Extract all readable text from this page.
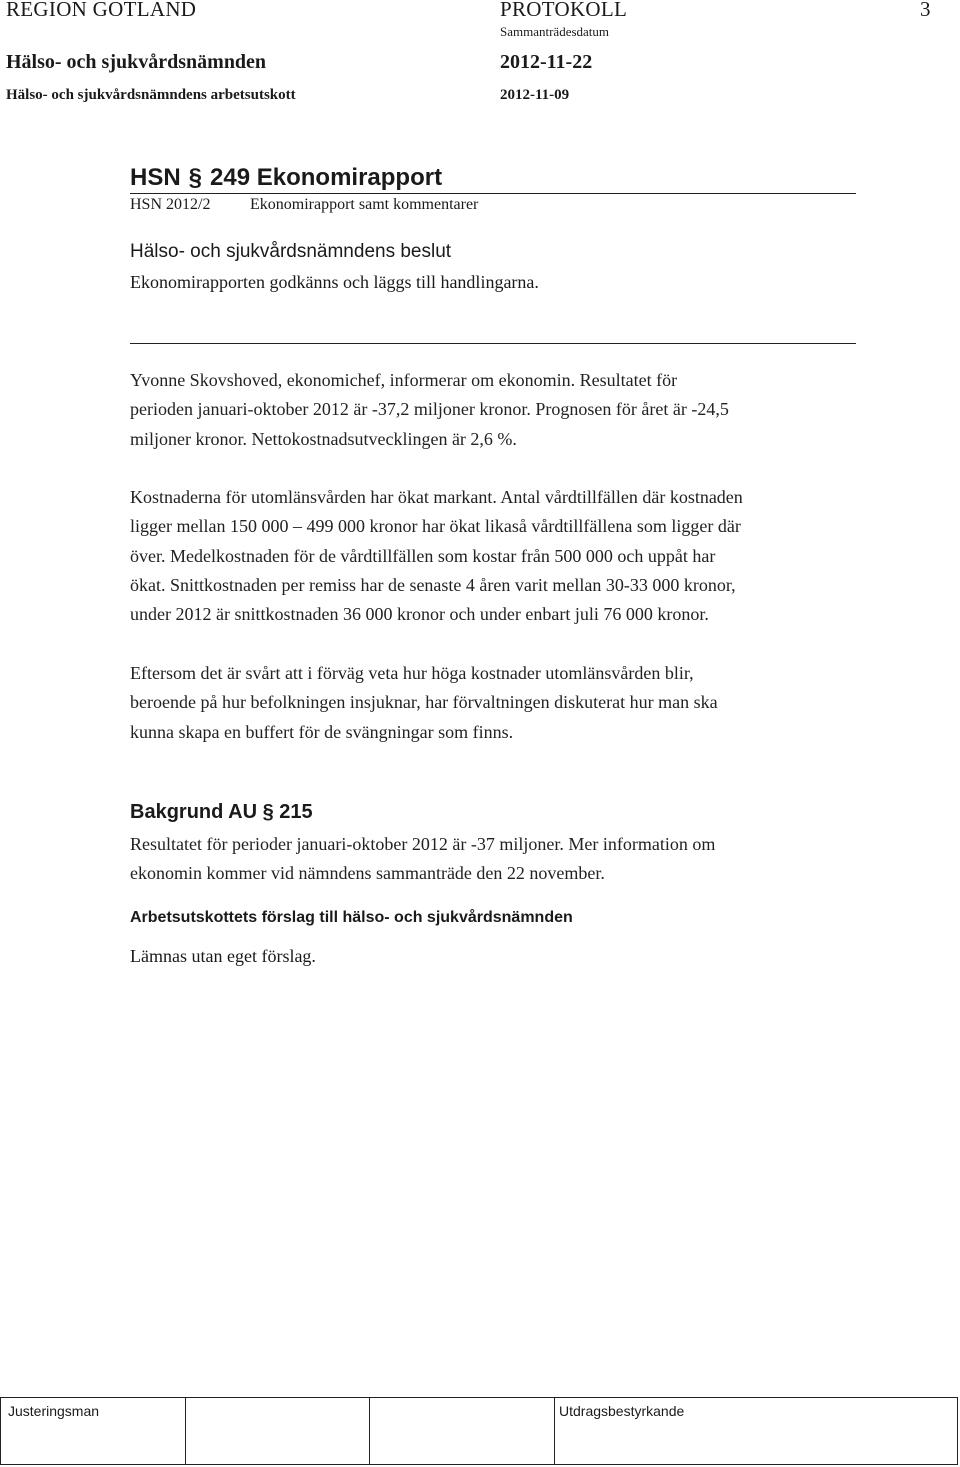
REGION GOTLAND	PROTOKOLL	3
Sammanträdesdatum
Hälso- och sjukvårdsnämnden	2012-11-22
Hälso- och sjukvårdsnämndens arbetsutskott	2012-11-09
HSN § 249 Ekonomirapport
HSN 2012/2 Ekonomirapport samt kommentarer
Hälso- och sjukvårdsnämndens beslut
Ekonomirapporten godkänns och läggs till handlingarna.

Yvonne Skovshoved, ekonomichef, informerar om ekonomin. Resultatet för

perioden januari-oktober 2012 är -37,2 miljoner kronor. Prognosen för året är -24,5

miljoner kronor. Nettokostnadsutvecklingen är 2,6 %.

Kostnaderna för utomlänsvården har ökat markant. Antal vårdtillfällen där kostnaden

ligger mellan 150 000 – 499 000 kronor har ökat likaså vårdtillfällena som ligger där

över. Medelkostnaden för de vårdtillfällen som kostar från 500 000 och uppåt har

ökat. Snittkostnaden per remiss har de senaste 4 åren varit mellan 30-33 000 kronor,

under 2012 är snittkostnaden 36 000 kronor och under enbart juli 76 000 kronor.

Eftersom det är svårt att i förväg veta hur höga kostnader utomlänsvården blir,

beroende på hur befolkningen insjuknar, har förvaltningen diskuterat hur man ska

kunna skapa en buffert för de svängningar som finns.

Bakgrund AU § 215

Resultatet för perioder januari-oktober 2012 är -37 miljoner. Mer information om

ekonomin kommer vid nämndens sammanträde den 22 november.

Arbetsutskottets förslag till hälso- och sjukvårdsnämnden
Lämnas utan eget förslag.
Justeringsman	Utdragsbestyrkande
